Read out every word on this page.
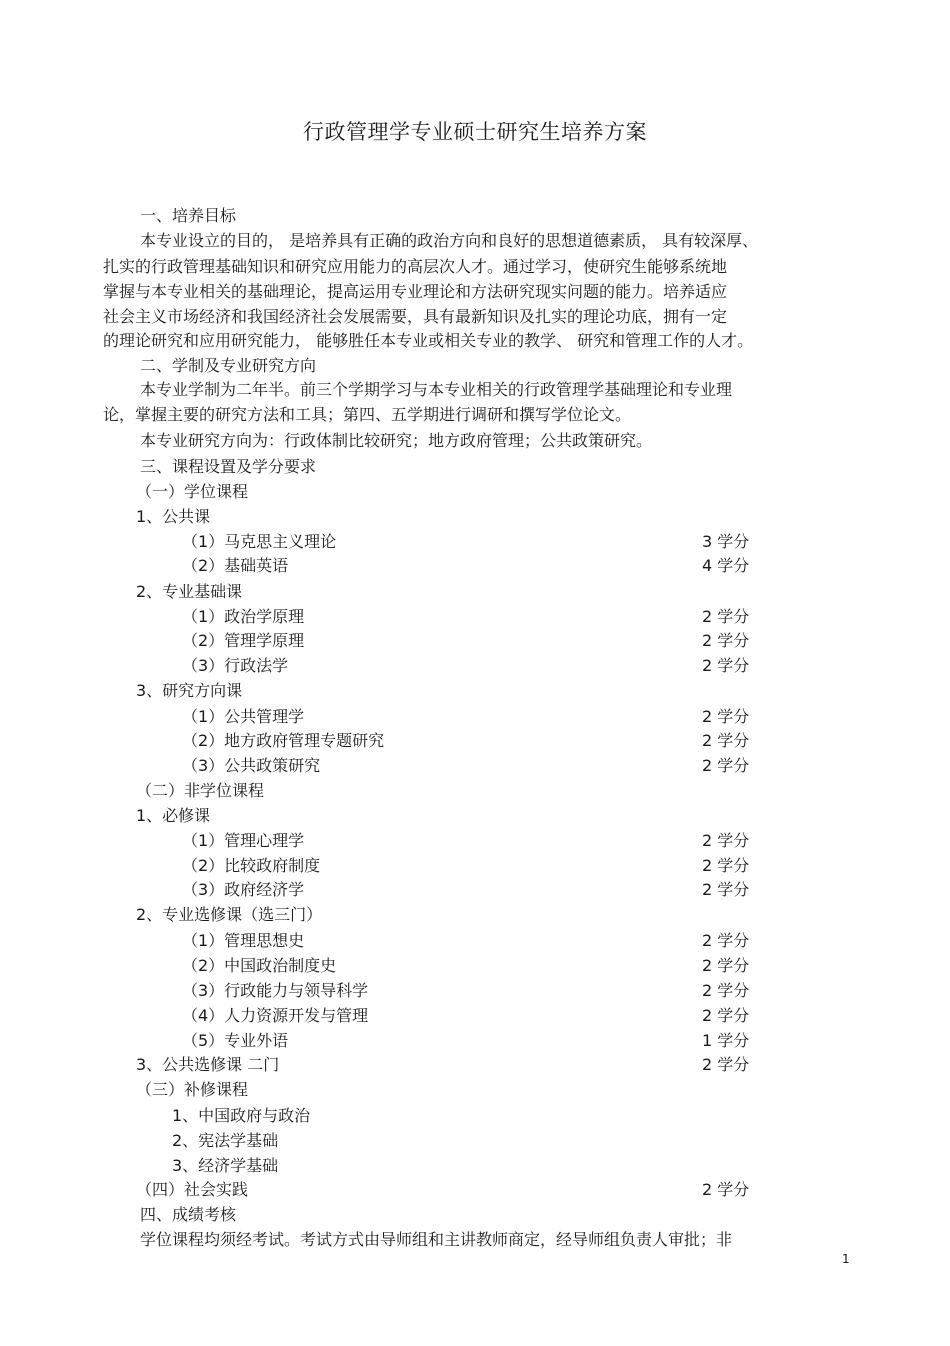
行政管理学专业硕士研究生培养方案
一、培养目标
本专业设立的目的， 是培养具有正确的政治方向和良好的思想道德素质， 具有较深厚、
扎实的行政管理基础知识和研究应用能力的高层次人才。通过学习，使研究生能够系统地
掌握与本专业相关的基础理论，提高运用专业理论和方法研究现实问题的能力。培养适应
社会主义市场经济和我国经济社会发展需要，具有最新知识及扎实的理论功底，拥有一定
的理论研究和应用研究能力， 能够胜任本专业或相关专业的教学、 研究和管理工作的人才。
二、学制及专业研究方向
本专业学制为二年半。前三个学期学习与本专业相关的行政管理学基础理论和专业理
论，掌握主要的研究方法和工具；第四、五学期进行调研和撰写学位论文。
本专业研究方向为：行政体制比较研究；地方政府管理；公共政策研究。
三、课程设置及学分要求
（一）学位课程
1、公共课
（1）马克思主义理论	3 学分
（2）基础英语	4 学分
2、专业基础课
（1）政治学原理	2 学分
（2）管理学原理	2 学分
（3）行政法学	2 学分
3、研究方向课
（1）公共管理学	2 学分
（2）地方政府管理专题研究	2 学分
（3）公共政策研究	2 学分
（二）非学位课程
1、必修课
（1）管理心理学	2 学分
（2）比较政府制度	2 学分
（3）政府经济学	2 学分
2、专业选修课（选三门）
（1）管理思想史	2 学分
（2）中国政治制度史	2 学分
（3）行政能力与领导科学	2 学分
（4）人力资源开发与管理	2 学分
（5）专业外语	1 学分
3、公共选修课 二门	2 学分
（三）补修课程
1、中国政府与政治
2、宪法学基础
3、经济学基础
（四）社会实践	2 学分
四、成绩考核
学位课程均须经考试。考试方式由导师组和主讲教师商定，经导师组负责人审批；非
1
